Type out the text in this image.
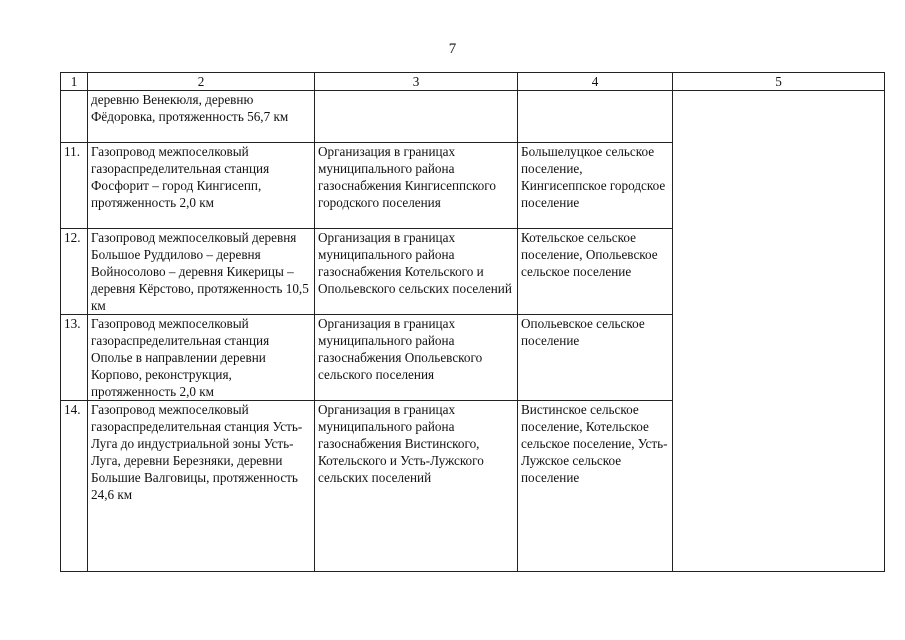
7
1	2	3	4	5
	деревню Венекюля, деревню Фёдоровка, протяженность 56,7 км			
11.	Газопровод межпоселковый газораспределительная станция Фосфорит – город Кингисепп, протяженность 2,0 км	Организация в границах муниципального района газоснабжения Кингисеппского городского поселения	Большелуцкое сельское поселение, Кингисеппское городское поселение	
12.	Газопровод межпоселковый деревня Большое Руддилово – деревня Войносолово – деревня Кикерицы – деревня Кёрстово, протяженность 10,5 км	Организация в границах муниципального района газоснабжения Котельского и Опольевского сельских поселений	Котельское сельское поселение, Опольевское сельское поселение	
13.	Газопровод межпоселковый газораспределительная станция Ополье в направлении деревни Корпово, реконструкция, протяженность 2,0 км	Организация в границах муниципального района газоснабжения Опольевского сельского поселения	Опольевское сельское поселение	
14.	Газопровод межпоселковый газораспределительная станция Усть-Луга до индустриальной зоны Усть-Луга, деревни Березняки, деревни Большие Валговицы, протяженность 24,6 км	Организация в границах муниципального района газоснабжения Вистинского, Котельского и Усть-Лужского сельских поселений	Вистинское сельское поселение, Котельское сельское поселение, Усть-Лужское сельское поселение	
